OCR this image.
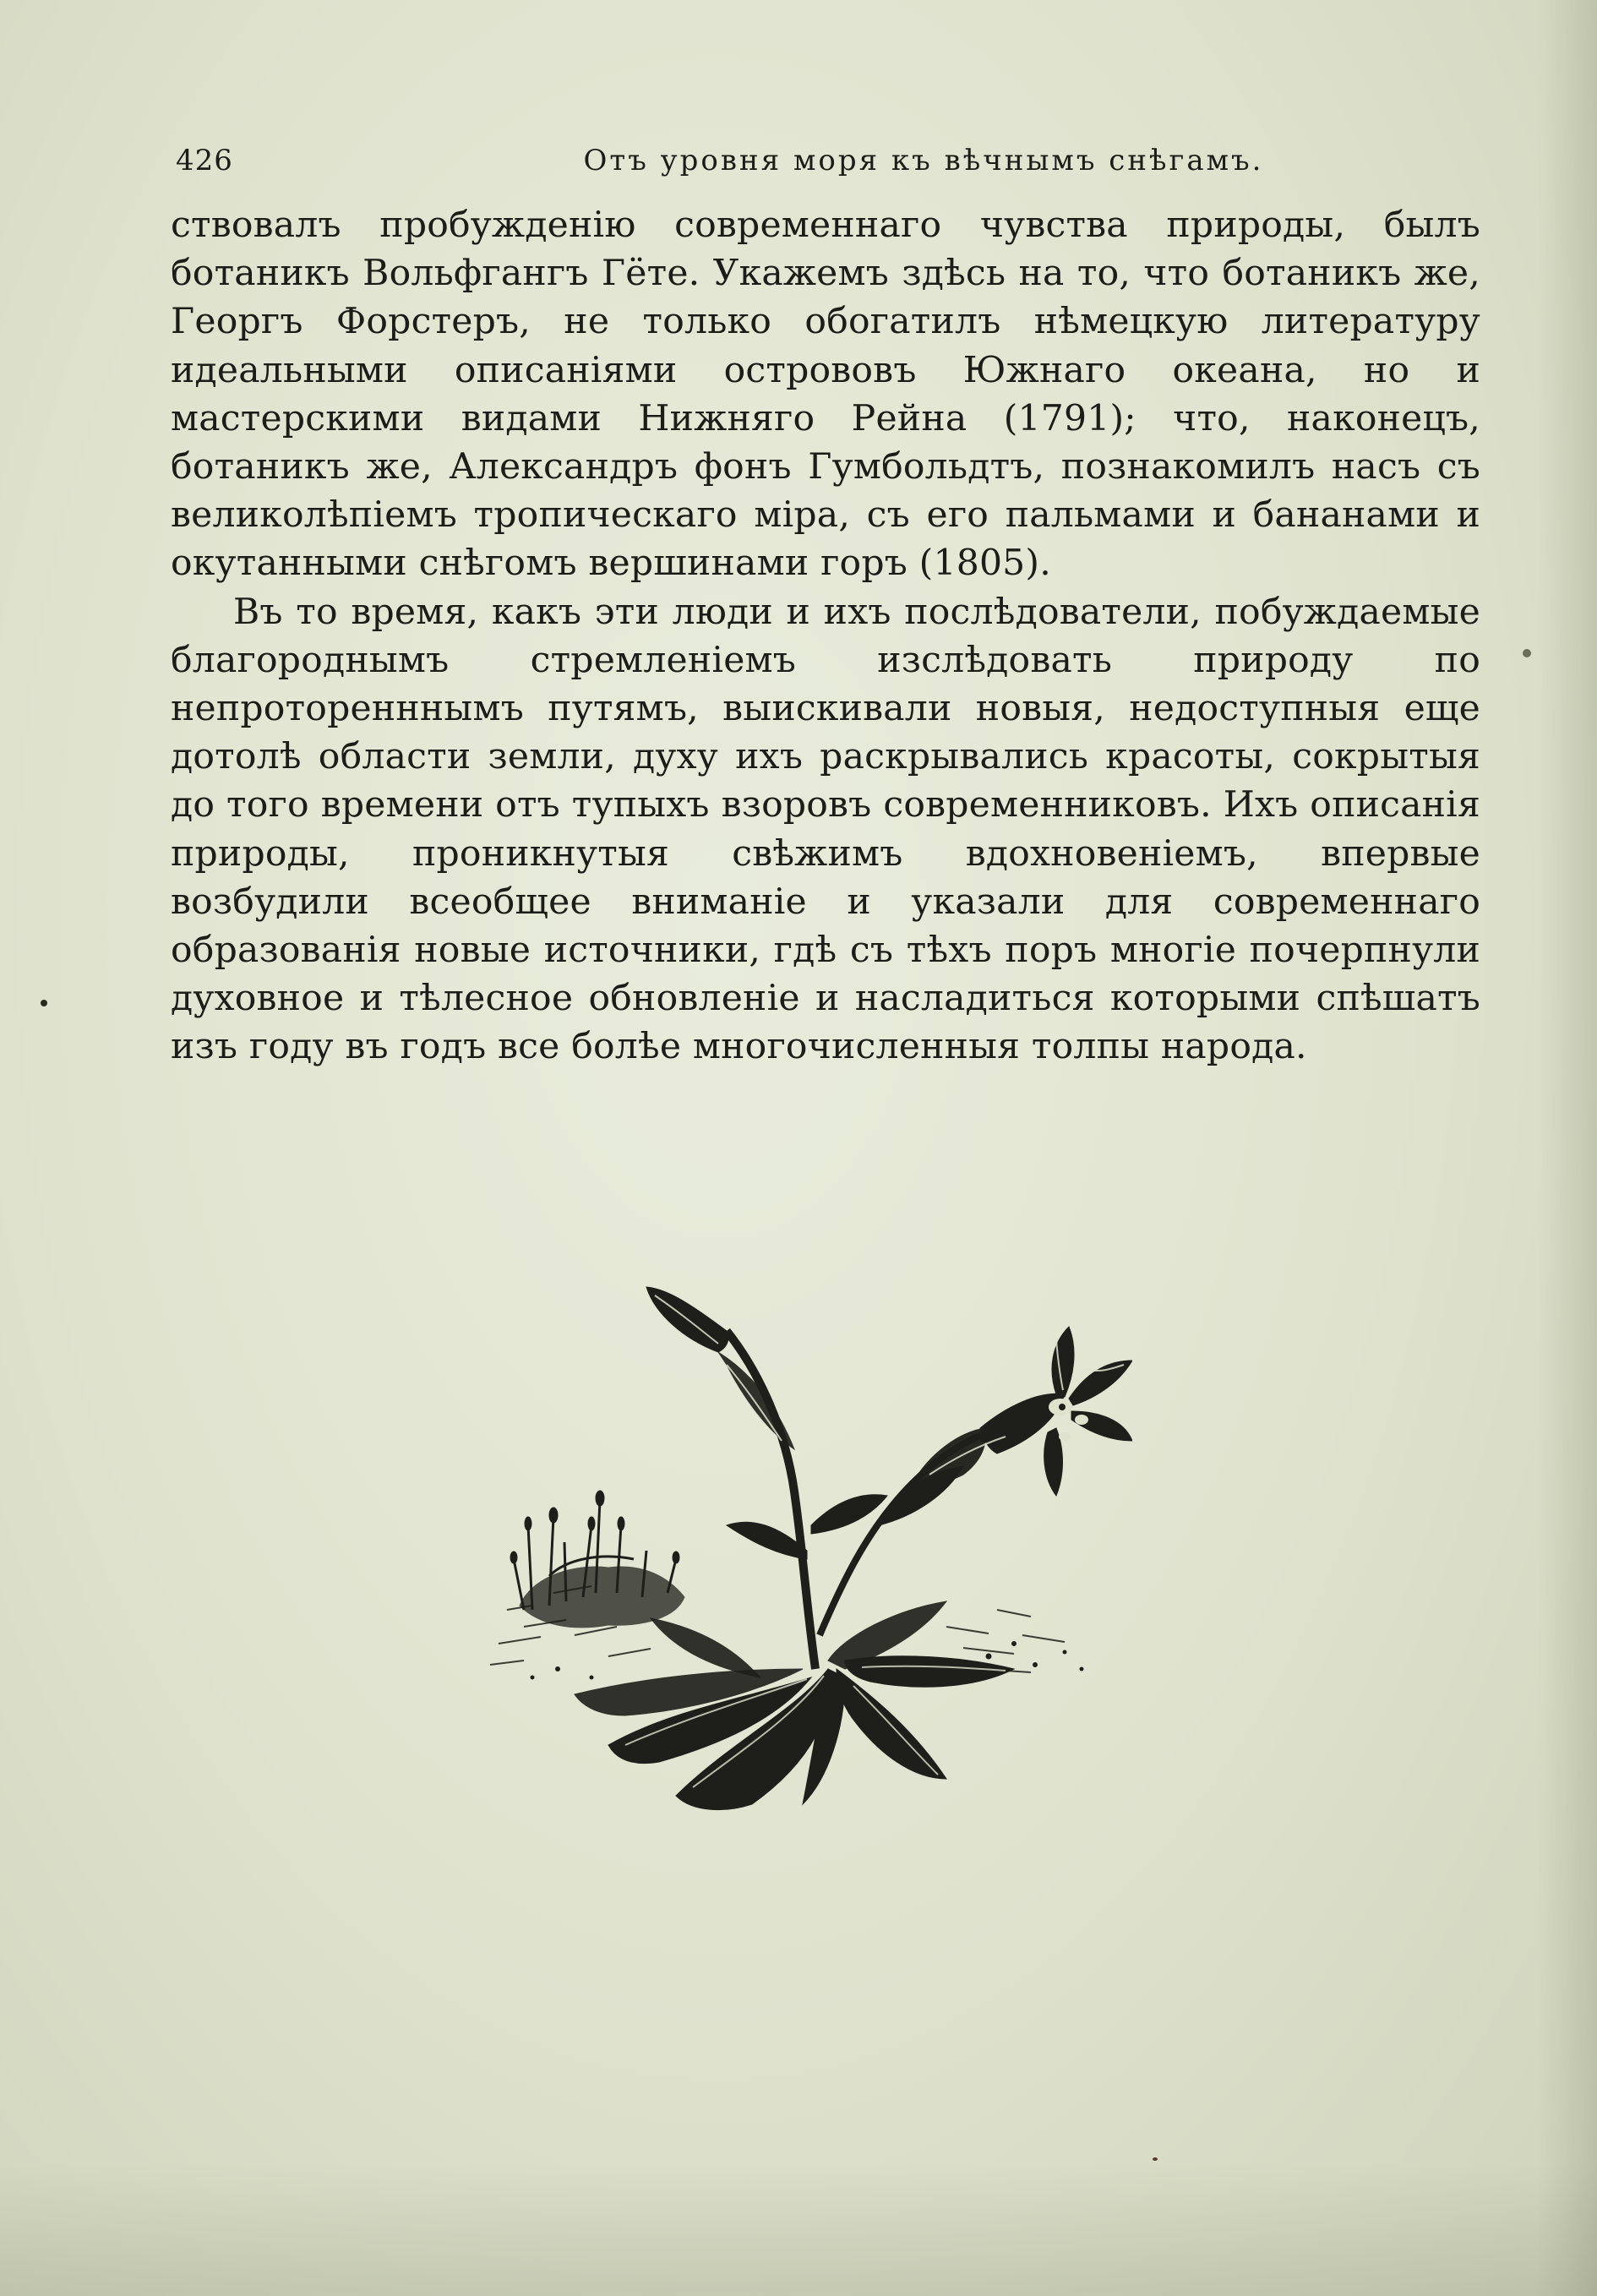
426	Отъ уровня моря къ вѣчнымъ снѣгамъ.

ствовалъ пробужденію современнаго чувства природы, былъ ботаникъ Вольфгангъ Гёте. Укажемъ здѣсь на то, что ботаникъ же, Георгъ Форстеръ, не только обогатилъ нѣмецкую литературу идеальными описаніями острововъ Южнаго океана, но и мастерскими видами Нижняго Рейна (1791); что, наконецъ, ботаникъ же, Александръ фонъ Гумбольдтъ, познакомилъ насъ съ великолѣпіемъ тропическаго міра, съ его пальмами и бананами и окутанными снѣгомъ вершинами горъ (1805).

Въ то время, какъ эти люди и ихъ послѣдователи, побуждаемые благороднымъ стремленіемъ изслѣдовать природу по непроторенннымъ путямъ, выискивали новыя, недоступныя еще дотолѣ области земли, духу ихъ раскрывались красоты, сокрытыя до того времени отъ тупыхъ взоровъ современниковъ. Ихъ описанія природы, проникнутыя свѣжимъ вдохновеніемъ, впервые возбудили всеобщее вниманіе и указали для современнаго образованія новые источники, гдѣ съ тѣхъ поръ многіе почерпнули духовное и тѣлесное обновленіе и насладиться которыми спѣшатъ изъ году въ годъ все болѣе многочисленныя толпы народа.
